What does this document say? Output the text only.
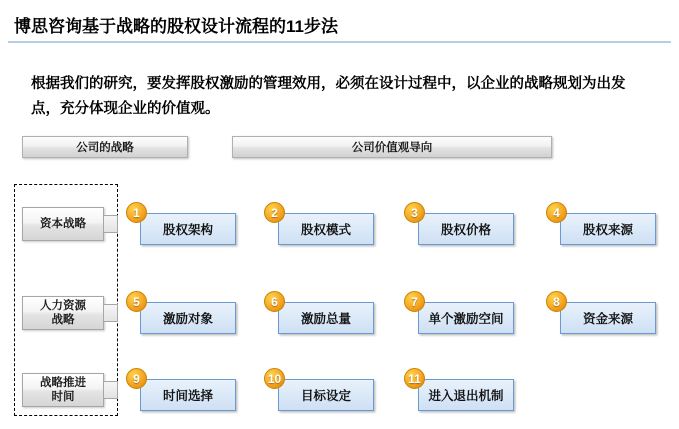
博思咨询基于战略的股权设计流程的11步法
根据我们的研究，要发挥股权激励的管理效用，必须在设计过程中，以企业的战略规划为出发点，充分体现企业的价值观。
公司的战略	公司价值观导向
资本战略
人力资源
战略
战略推进
时间
股权架构
1
股权模式
2
股权价格
3
股权来源
4
激励对象
5
激励总量
6
单个激励空间
7
资金来源
8
时间选择
9
目标设定
10
进入退出机制
11
